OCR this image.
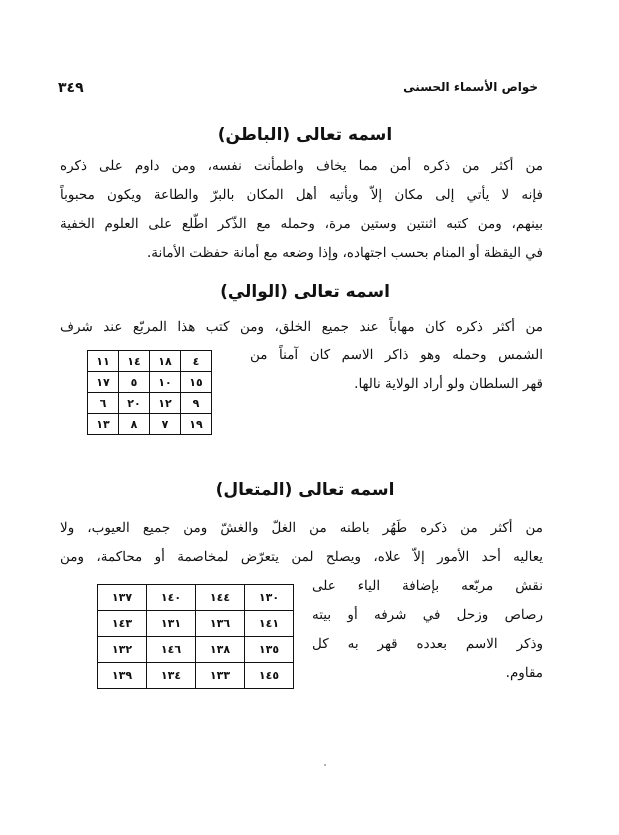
٣٤٩	خواص الأسماء الحسنى
اسمه تعالى (الباطن)
من أكثر من ذكره أمن مما يخاف واطمأنت نفسه، ومن داوم على ذكره
فإنه لا يأتي إلى مكان إلاّ ويأتيه أهل المكان بالبرّ والطاعة ويكون محبوباً
بينهم، ومن كتبه اثنتين وستين مرة، وحمله مع الذّكر اطّلع على العلوم الخفية
في اليقظة أو المنام بحسب اجتهاده، وإذا وضعه مع أمانة حفظت الأمانة.
اسمه تعالى (الوالي)
من أكثر ذكره كان مهاباً عند جميع الخلق، ومن كتب هذا المربّع عند شرف
الشمس وحمله وهو ذاكر الاسم كان آمناً من
قهر السلطان ولو أراد الولاية نالها.
٤	١٨	١٤	١١
١٥	١٠	٥	١٧
٩	١٢	٢٠	٦
١٩	٧	٨	١٣
اسمه تعالى (المتعال)
من أكثر من ذكره طَهُر باطنه من الغلّ والغشّ ومن جميع العيوب، ولا
يعاليه أحد الأمور إلاّ علاه، ويصلح لمن يتعرّض لمخاصمة أو محاكمة، ومن
نقش مربّعه بإضافة الياء على
رصاص وزحل في شرفه أو بيته
وذكر الاسم بعدده قهر به كل
مقاوم.
١٣٠	١٤٤	١٤٠	١٣٧
١٤١	١٣٦	١٣١	١٤٣
١٣٥	١٣٨	١٤٦	١٣٢
١٤٥	١٣٣	١٣٤	١٣٩
